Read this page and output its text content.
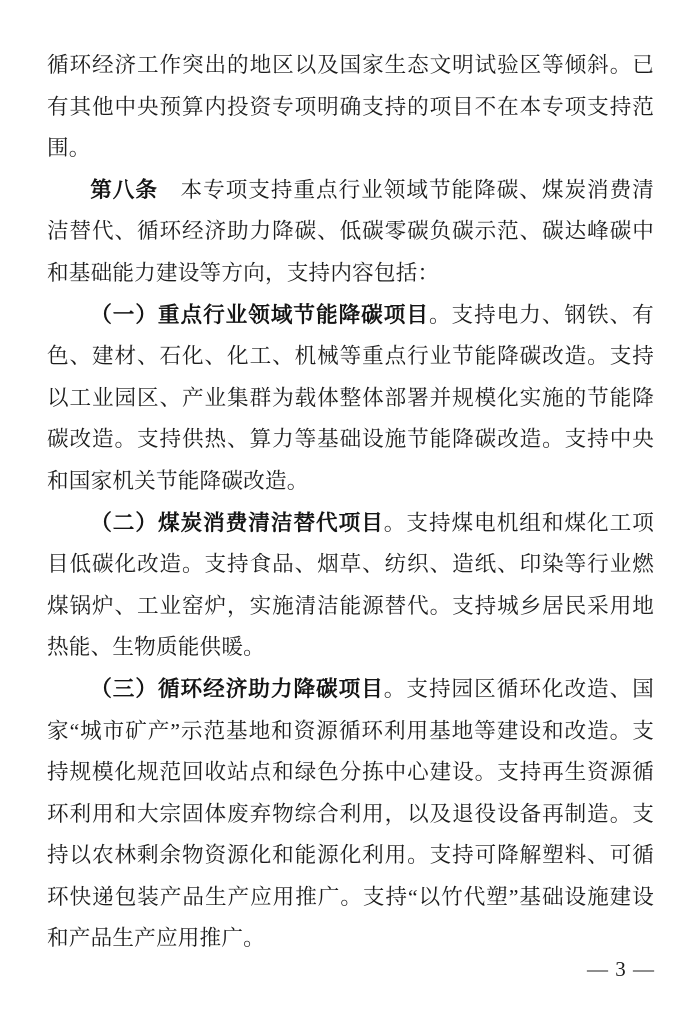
循环经济工作突出的地区以及国家生态文明试验区等倾斜。已有其他中央预算内投资专项明确支持的项目不在本专项支持范围。

第八条　本专项支持重点行业领域节能降碳、煤炭消费清洁替代、循环经济助力降碳、低碳零碳负碳示范、碳达峰碳中和基础能力建设等方向，支持内容包括：

（一）重点行业领域节能降碳项目。支持电力、钢铁、有色、建材、石化、化工、机械等重点行业节能降碳改造。支持以工业园区、产业集群为载体整体部署并规模化实施的节能降碳改造。支持供热、算力等基础设施节能降碳改造。支持中央和国家机关节能降碳改造。

（二）煤炭消费清洁替代项目。支持煤电机组和煤化工项目低碳化改造。支持食品、烟草、纺织、造纸、印染等行业燃煤锅炉、工业窑炉，实施清洁能源替代。支持城乡居民采用地热能、生物质能供暖。

（三）循环经济助力降碳项目。支持园区循环化改造、国家“城市矿产”示范基地和资源循环利用基地等建设和改造。支持规模化规范回收站点和绿色分拣中心建设。支持再生资源循环利用和大宗固体废弃物综合利用，以及退役设备再制造。支持以农林剩余物资源化和能源化利用。支持可降解塑料、可循环快递包装产品生产应用推广。支持“以竹代塑”基础设施建设和产品生产应用推广。

— 3 —
